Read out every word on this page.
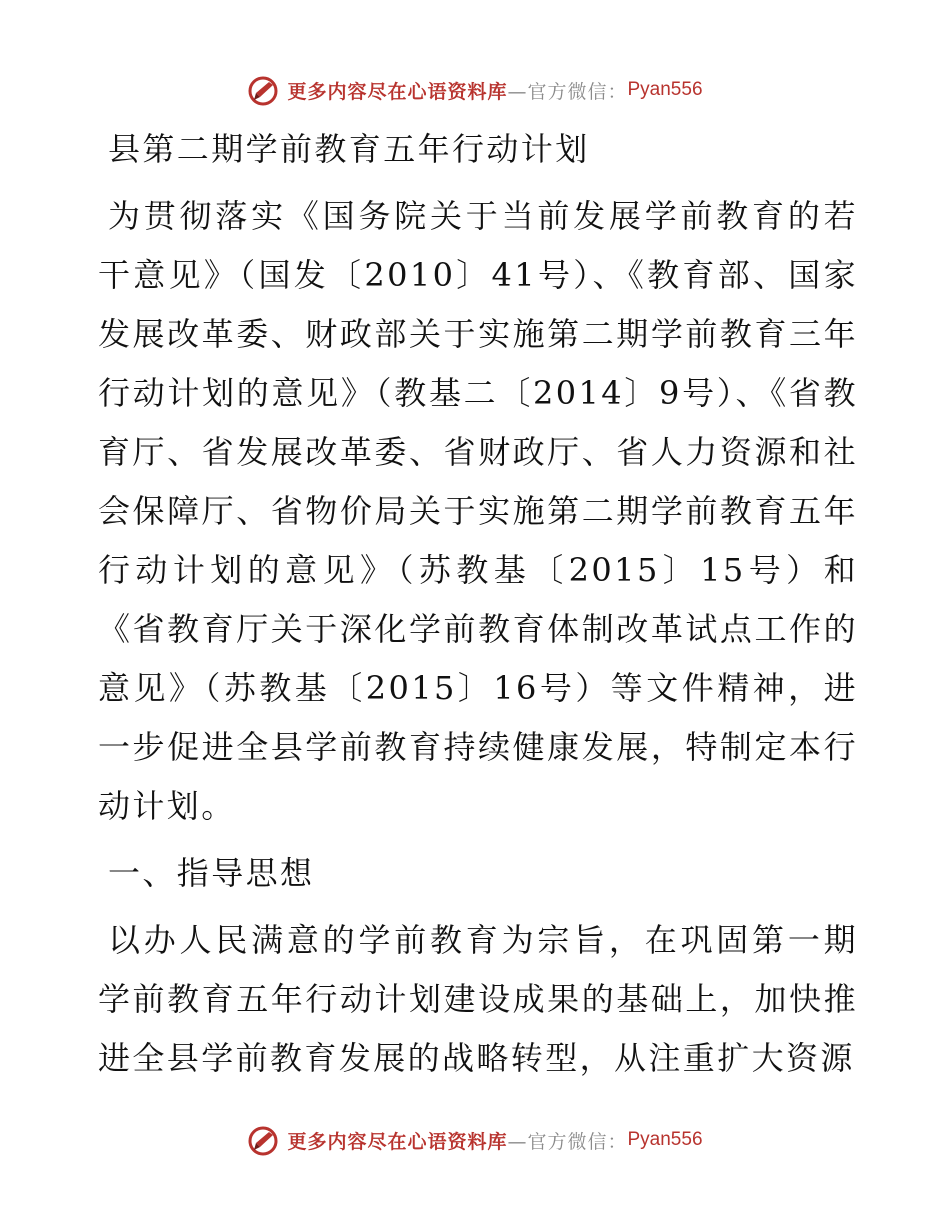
更多内容尽在心语资料库 —官方微信： Pyan556

县第二期学前教育五年行动计划

为贯彻落实《国务院关于当前发展学前教育的若干意见》（国发〔2010〕41号）、《教育部、国家发展改革委、财政部关于实施第二期学前教育三年行动计划的意见》（教基二〔2014〕9号）、《省教育厅、省发展改革委、省财政厅、省人力资源和社会保障厅、省物价局关于实施第二期学前教育五年行动计划的意见》（苏教基〔2015〕15号）和《省教育厅关于深化学前教育体制改革试点工作的意见》（苏教基〔2015〕16号）等文件精神，进一步促进全县学前教育持续健康发展，特制定本行动计划。

一、指导思想

以办人民满意的学前教育为宗旨，在巩固第一期学前教育五年行动计划建设成果的基础上，加快推进全县学前教育发展的战略转型，从注重扩大资源

更多内容尽在心语资料库 —官方微信： Pyan556
